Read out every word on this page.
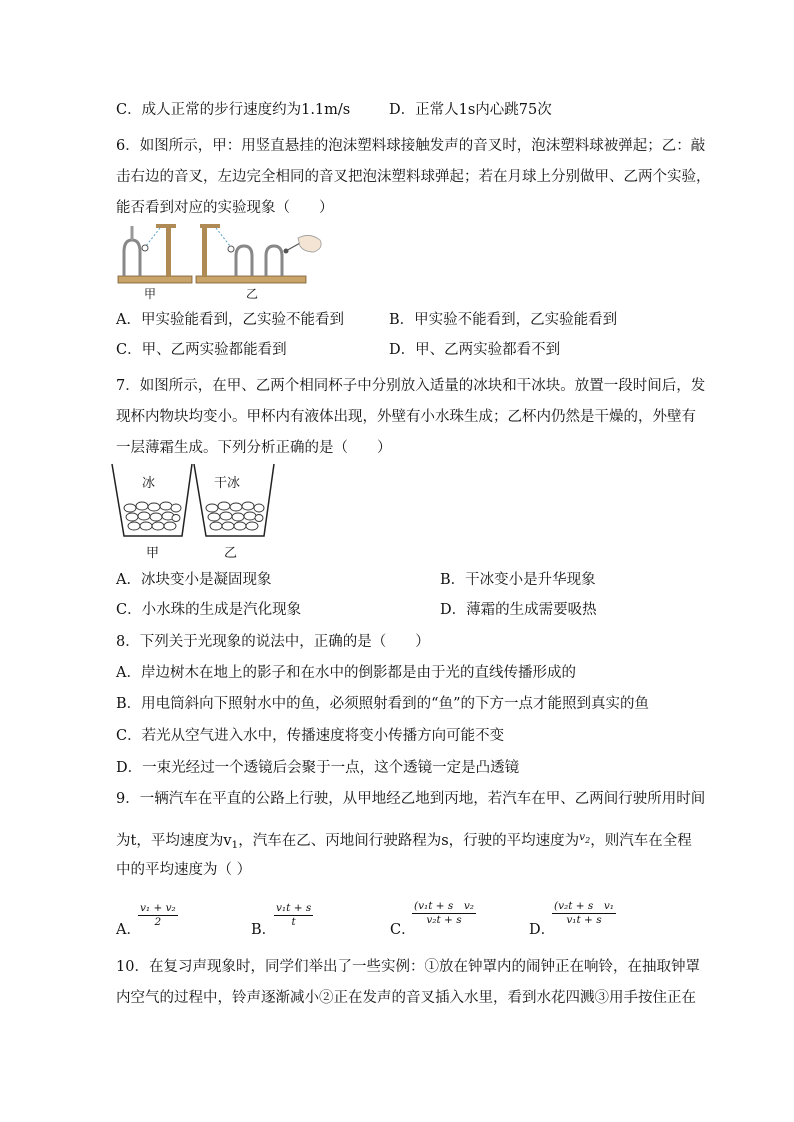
C．成人正常的步行速度约为1.1m/s	D．正常人1s内心跳75次
6．如图所示，甲：用竖直悬挂的泡沫塑料球接触发声的音叉时，泡沫塑料球被弹起；乙：敲
击右边的音叉，左边完全相同的音叉把泡沫塑料球弹起；若在月球上分别做甲、乙两个实验，
能否看到对应的实验现象（　　）
甲	乙
A．甲实验能看到，乙实验不能看到	B．甲实验不能看到，乙实验能看到
C．甲、乙两实验都能看到	D．甲、乙两实验都看不到
7．如图所示，在甲、乙两个相同杯子中分别放入适量的冰块和干冰块。放置一段时间后，发
现杯内物块均变小。甲杯内有液体出现，外壁有小水珠生成；乙杯内仍然是干燥的，外壁有
一层薄霜生成。下列分析正确的是（　　）
冰	干冰
甲	乙
A．冰块变小是凝固现象	B．干冰变小是升华现象
C．小水珠的生成是汽化现象	D．薄霜的生成需要吸热
8．下列关于光现象的说法中，正确的是（　　）
A．岸边树木在地上的影子和在水中的倒影都是由于光的直线传播形成的
B．用电筒斜向下照射水中的鱼，必须照射看到的“鱼”的下方一点才能照到真实的鱼
C．若光从空气进入水中，传播速度将变小传播方向可能不变
D．一束光经过一个透镜后会聚于一点，这个透镜一定是凸透镜
9．一辆汽车在平直的公路上行驶，从甲地经乙地到丙地，若汽车在甲、乙两间行驶所用时间
为t，平均速度为$v_1$，汽车在乙、丙地间行驶路程为s，行驶的平均速度为$^{v_2}$，则汽车在全程
中的平均速度为（ ）
A．
v₁ + v₂
2	B．
v₁t + s
t	C．
(v₁t + s　v₂
v₂t + s
D．
(v₂t + s　v₁
v₁t + s
10．在复习声现象时，同学们举出了一些实例：①放在钟罩内的闹钟正在响铃，在抽取钟罩
内空气的过程中，铃声逐渐减小②正在发声的音叉插入水里，看到水花四溅③用手按住正在
